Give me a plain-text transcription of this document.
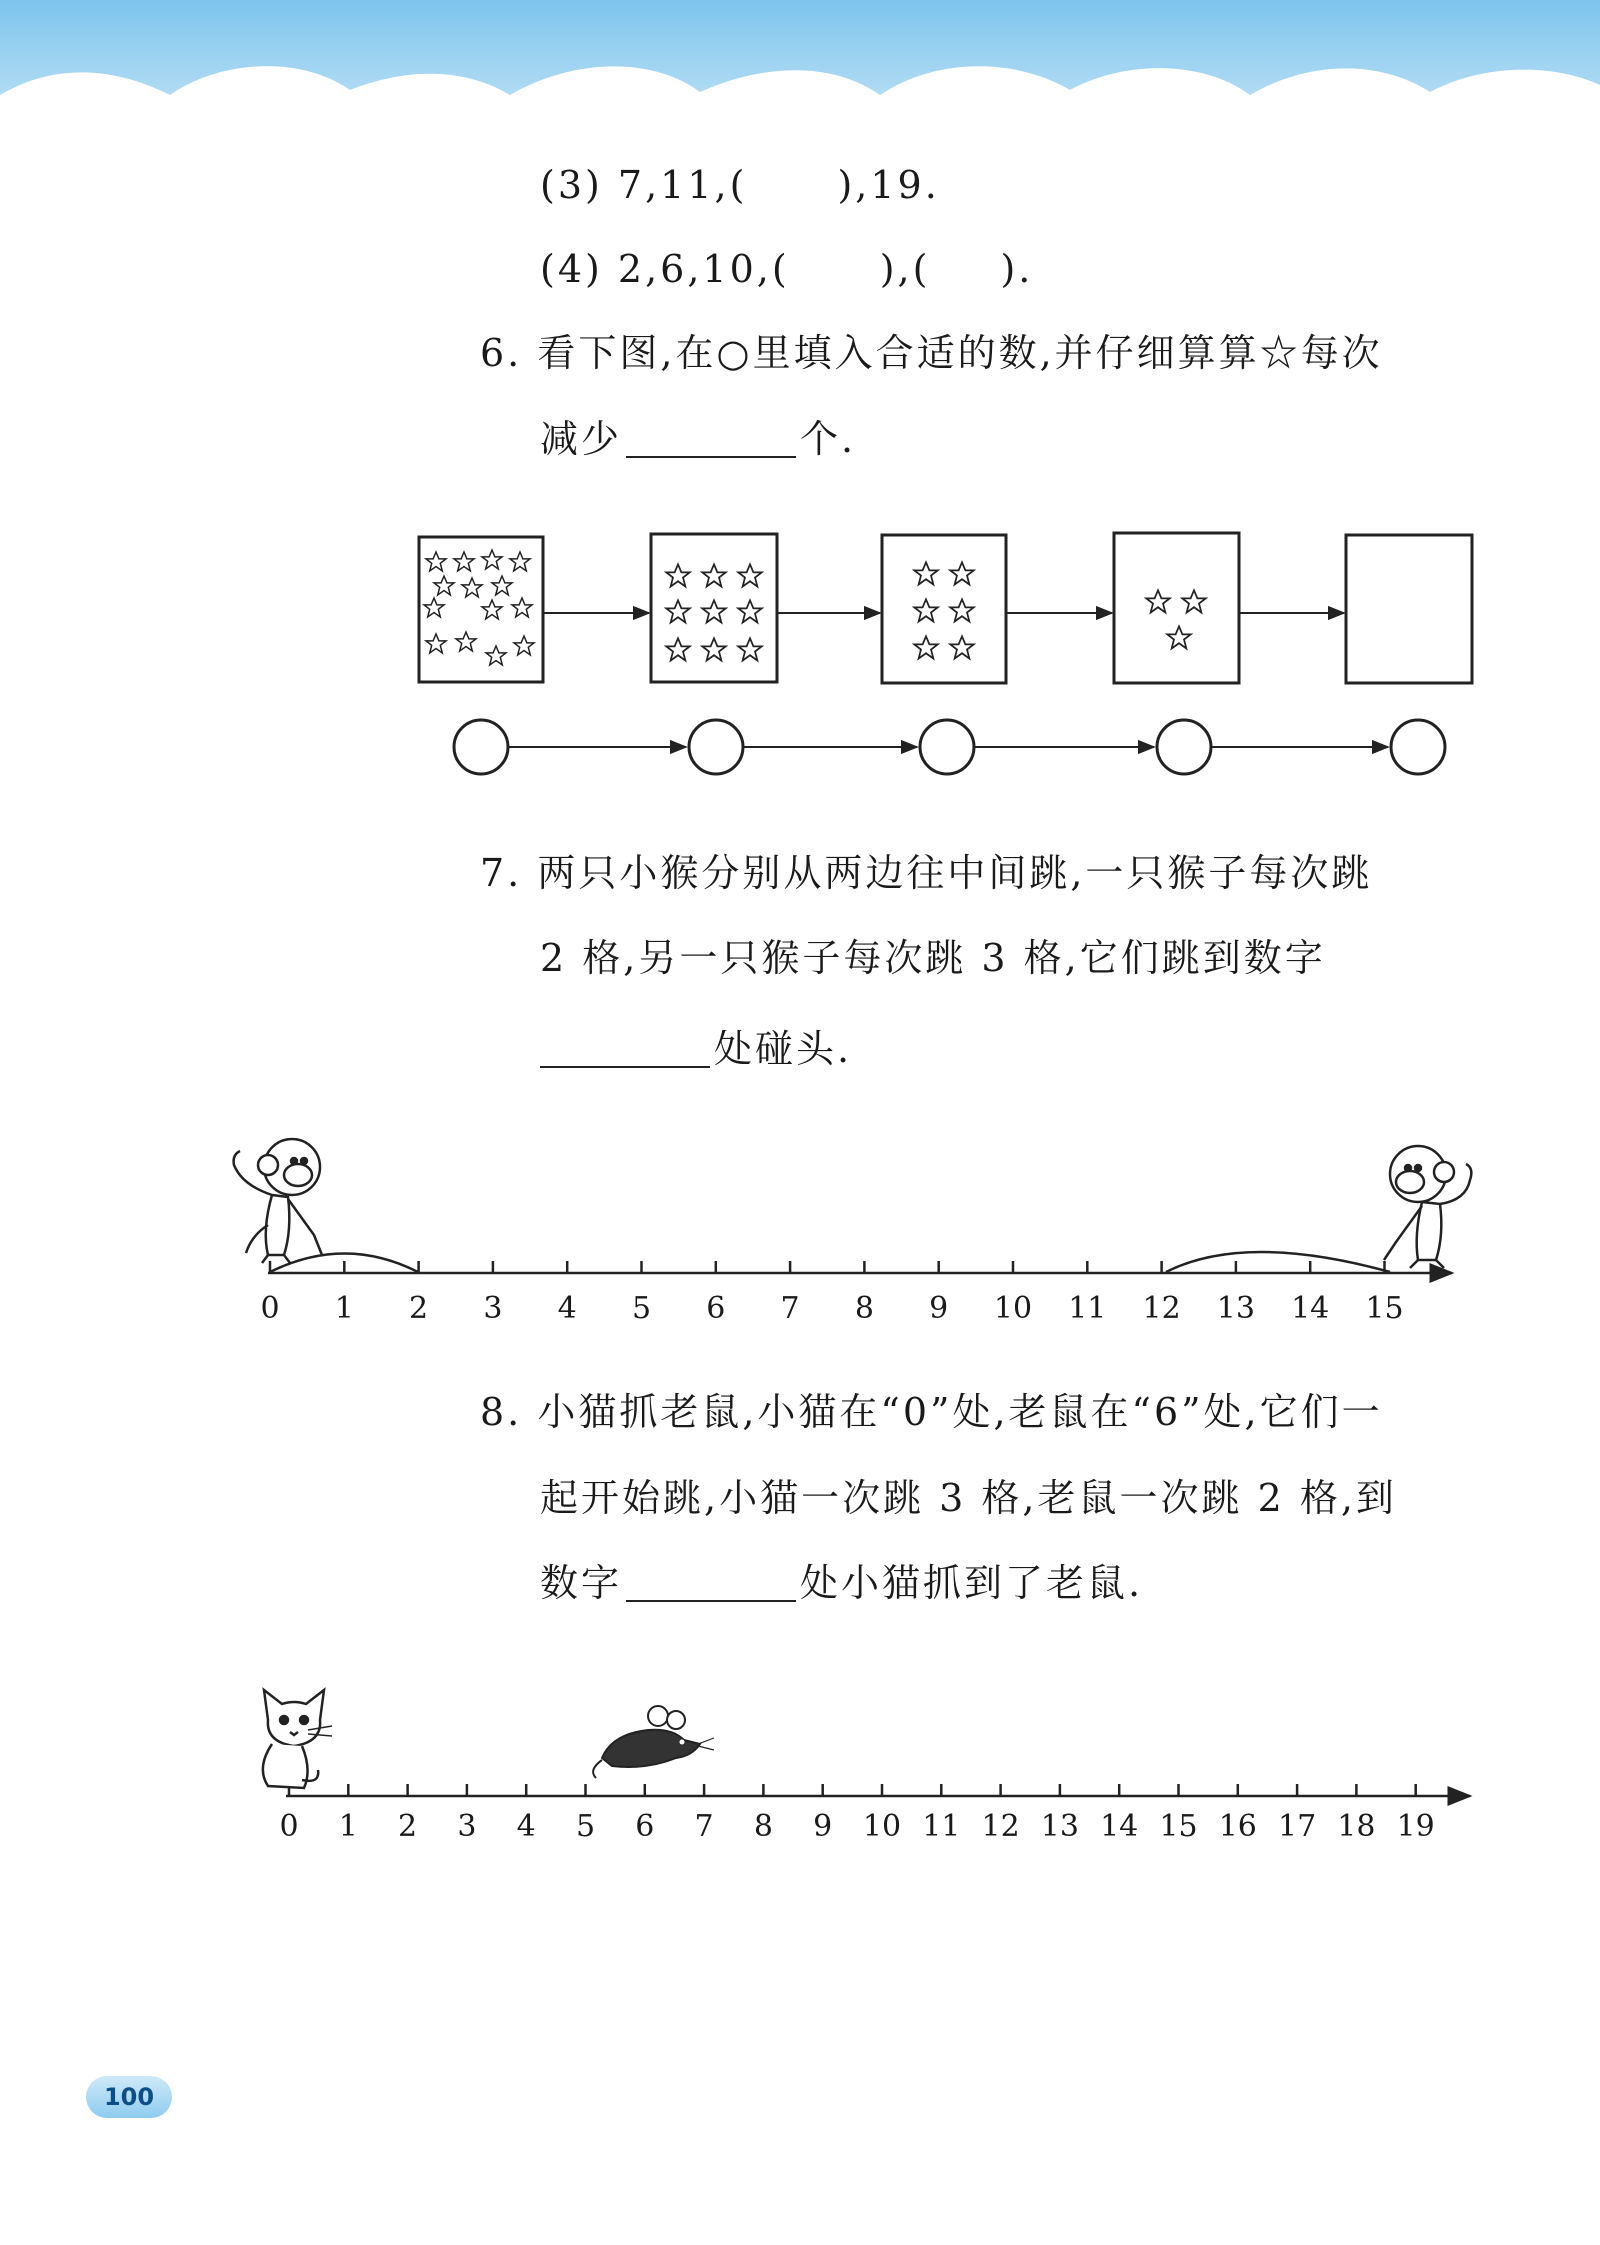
(3) 7,11,( ),19.
(4) 2,6,10,( ),( ).
6. 看下图,在○里填入合适的数,并仔细算算☆每次
减少	个.
7. 两只小猴分别从两边往中间跳,一只猴子每次跳
2 格,另一只猴子每次跳 3 格,它们跳到数字
处碰头.
0 1 2 3 4 5 6 7 8 9 10 11 12 13 14 15
8. 小猫抓老鼠,小猫在“0”处,老鼠在“6”处,它们一
起开始跳,小猫一次跳 3 格,老鼠一次跳 2 格,到
数字	处小猫抓到了老鼠.
0 1 2 3 4 5 6 7 8 9 10 11 12 13 14 15 16 17 18 19
100
